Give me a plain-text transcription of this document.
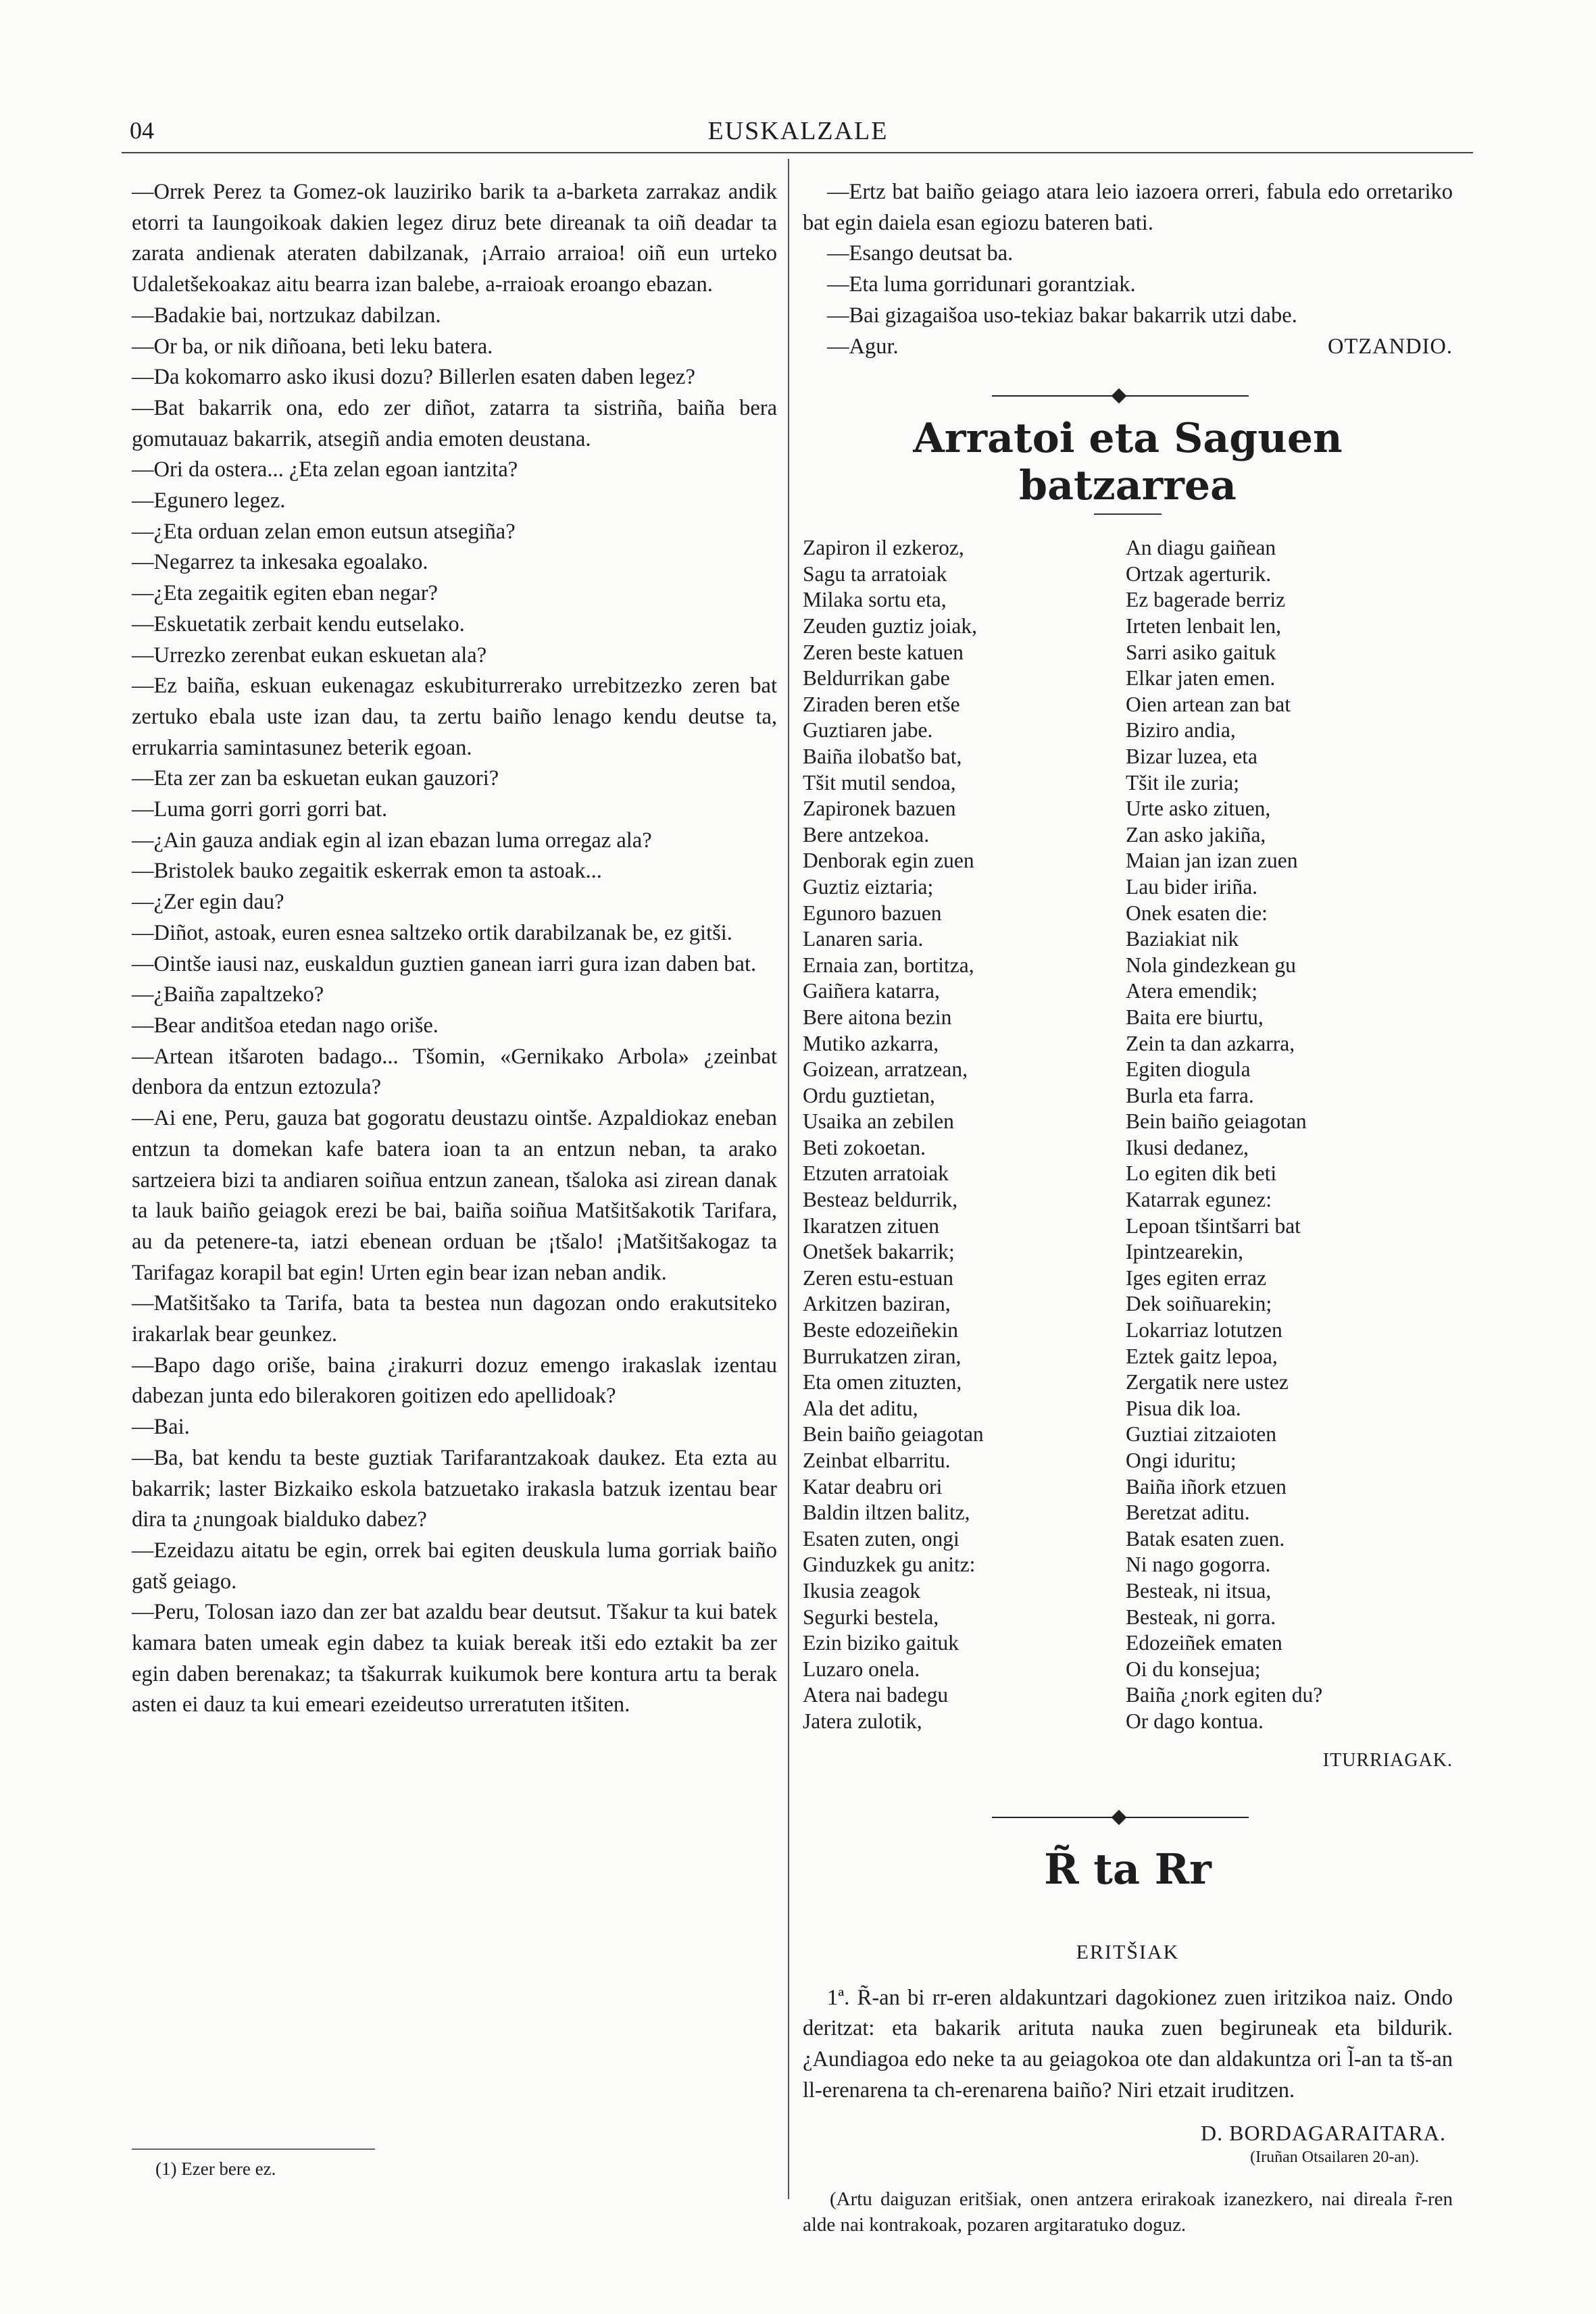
04	EUSKALZALE

—Orrek Perez ta Gomez-ok lauziriko barik ta a-barketa zarrakaz andik etorri ta Iaungoikoak dakien legez diruz bete direanak ta oiñ deadar ta zarata andienak ateraten dabilzanak, ¡Arraio arraioa! oiñ eun urteko Udaletšekoakaz aitu bearra izan balebe, a-rraioak eroango ebazan.

—Badakie bai, nortzukaz dabilzan.

—Or ba, or nik diñoana, beti leku batera.

—Da kokomarro asko ikusi dozu? Billerlen esaten daben legez?

—Bat bakarrik ona, edo zer diñot, zatarra ta sistriña, baiña bera gomutauaz bakarrik, atsegiñ andia emoten deustana.

—Ori da ostera... ¿Eta zelan egoan iantzita?

—Egunero legez.

—¿Eta orduan zelan emon eutsun atsegiña?

—Negarrez ta inkesaka egoalako.

—¿Eta zegaitik egiten eban negar?

—Eskuetatik zerbait kendu eutselako.

—Urrezko zerenbat eukan eskuetan ala?

—Ez baiña, eskuan eukenagaz eskubiturrerako urrebitzezko zeren bat zertuko ebala uste izan dau, ta zertu baiño lenago kendu deutse ta, errukarria samintasunez beterik egoan.

—Eta zer zan ba eskuetan eukan gauzori?

—Luma gorri gorri gorri bat.

—¿Ain gauza andiak egin al izan ebazan luma orregaz ala?

—Bristolek bauko zegaitik eskerrak emon ta astoak...

—¿Zer egin dau?

—Diñot, astoak, euren esnea saltzeko ortik darabilzanak be, ez gitši.

—Ointše iausi naz, euskaldun guztien ganean iarri gura izan daben bat.

—¿Baiña zapaltzeko?

—Bear anditšoa etedan nago oriše.

—Artean itšaroten badago... Tšomin, «Gernikako Arbola» ¿zeinbat denbora da entzun eztozula?

—Ai ene, Peru, gauza bat gogoratu deustazu ointše. Azpaldiokaz eneban entzun ta domekan kafe batera ioan ta an entzun neban, ta arako sartzeiera bizi ta andiaren soiñua entzun zanean, tšaloka asi zirean danak ta lauk baiño geiagok erezi be bai, baiña soiñua Matšitšakotik Tarifara, au da petenere-ta, iatzi ebenean orduan be ¡tšalo! ¡Matšitšakogaz ta Tarifagaz korapil bat egin! Urten egin bear izan neban andik.

—Matšitšako ta Tarifa, bata ta bestea nun dagozan ondo erakutsiteko irakarlak bear geunkez.

—Bapo dago oriše, baina ¿irakurri dozuz emengo irakaslak izentau dabezan junta edo bilerakoren goitizen edo apellidoak?

—Bai.

—Ba, bat kendu ta beste guztiak Tarifarantzakoak daukez. Eta ezta au bakarrik; laster Bizkaiko eskola batzuetako irakasla batzuk izentau bear dira ta ¿nungoak bialduko dabez?

—Ezeidazu aitatu be egin, orrek bai egiten deuskula luma gorriak baiño gatš geiago.

—Peru, Tolosan iazo dan zer bat azaldu bear deutsut. Tšakur ta kui batek kamara baten umeak egin dabez ta kuiak bereak itši edo eztakit ba zer egin daben berenakaz; ta tšakurrak kuikumok bere kontura artu ta berak asten ei dauz ta kui emeari ezeideutso urreratuten itšiten.

(1) Ezer bere ez.

—Ertz bat baiño geiago atara leio iazoera orreri, fabula edo orretariko bat egin daiela esan egiozu bateren bati.

—Esango deutsat ba.

—Eta luma gorridunari gorantziak.

—Bai gizagaišoa uso-tekiaz bakar bakarrik utzi dabe.

—Agur.	OTZANDIO.
Arratoi eta Saguen batzarrea
Zapiron il ezkeroz,
Sagu ta arratoiak
Milaka sortu eta,
Zeuden guztiz joiak,
Zeren beste katuen
Beldurrikan gabe
Ziraden beren etše
Guztiaren jabe.
Baiña ilobatšo bat,
Tšit mutil sendoa,
Zapironek bazuen
Bere antzekoa.
Denborak egin zuen
Guztiz eiztaria;
Egunoro bazuen
Lanaren saria.
Ernaia zan, bortitza,
Gaiñera katarra,
Bere aitona bezin
Mutiko azkarra,
Goizean, arratzean,
Ordu guztietan,
Usaika an zebilen
Beti zokoetan.
Etzuten arratoiak
Besteaz beldurrik,
Ikaratzen zituen
Onetšek bakarrik;
Zeren estu-estuan
Arkitzen baziran,
Beste edozeiñekin
Burrukatzen ziran,
Eta omen zituzten,
Ala det aditu,
Bein baiño geiagotan
Zeinbat elbarritu.
Katar deabru ori
Baldin iltzen balitz,
Esaten zuten, ongi
Ginduzkek gu anitz:
Ikusia zeagok
Segurki bestela,
Ezin biziko gaituk
Luzaro onela.
Atera nai badegu
Jatera zulotik,
An diagu gaiñean
Ortzak agerturik.
Ez bagerade berriz
Irteten lenbait len,
Sarri asiko gaituk
Elkar jaten emen.
Oien artean zan bat
Biziro andia,
Bizar luzea, eta
Tšit ile zuria;
Urte asko zituen,
Zan asko jakiña,
Maian jan izan zuen
Lau bider iriña.
Onek esaten die:
Baziakiat nik
Nola gindezkean gu
Atera emendik;
Baita ere biurtu,
Zein ta dan azkarra,
Egiten diogula
Burla eta farra.
Bein baiño geiagotan
Ikusi dedanez,
Lo egiten dik beti
Katarrak egunez:
Lepoan tšintšarri bat
Ipintzearekin,
Iges egiten erraz
Dek soiñuarekin;
Lokarriaz lotutzen
Eztek gaitz lepoa,
Zergatik nere ustez
Pisua dik loa.
Guztiai zitzaioten
Ongi iduritu;
Baiña iñork etzuen
Beretzat aditu.
Batak esaten zuen.
Ni nago gogorra.
Besteak, ni itsua,
Besteak, ni gorra.
Edozeiñek ematen
Oi du konsejua;
Baiña ¿nork egiten du?
Or dago kontua.
ITURRIAGAK.
R̃ ta Rr
ERITŠIAK

1ª. R̃-an bi rr-eren aldakuntzari dagokionez zuen iritzikoa naiz. Ondo deritzat: eta bakarik aritutа nauka zuen begiruneak eta bildurik. ¿Aundiagoa edo neke ta au geiagokoa ote dan aldakuntza ori l̃-an ta tš-an ll-erenarena ta ch-erenarena baiño? Niri etzait iruditzen.

D. BORDAGARAITARA.
(Iruñan Otsailaren 20-an).

(Artu daiguzan eritšiak, onen antzera erirakoak izanezkero, nai direala r̃-ren alde nai kontrakoak, pozaren argitaratuko doguz.
